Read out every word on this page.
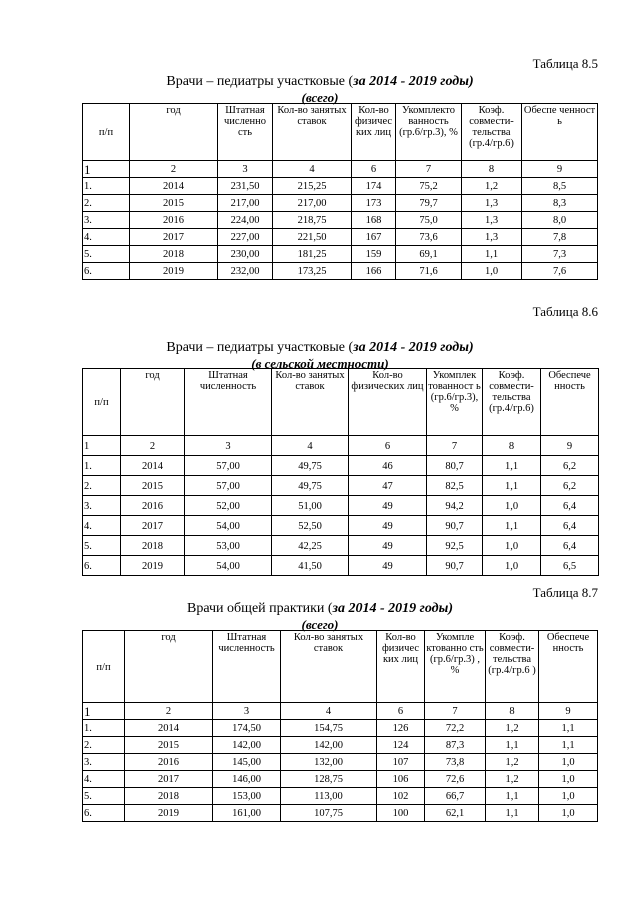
Таблица 8.5
Врачи – педиатры участковые (за 2014 - 2019 годы)
(всего)
п/п	год	Штатная численно сть	Кол-во занятых ставок	Кол-во физичес ких лиц	Укомплекто ванность (гр.6/гр.3), %	Коэф. совмести- тельства (гр.4/гр.6)	Обеспе ченност ь
1	2	3	4	6	7	8	9
1.	2014	231,50	215,25	174	75,2	1,2	8,5
2.	2015	217,00	217,00	173	79,7	1,3	8,3
3.	2016	224,00	218,75	168	75,0	1,3	8,0
4.	2017	227,00	221,50	167	73,6	1,3	7,8
5.	2018	230,00	181,25	159	69,1	1,1	7,3
6.	2019	232,00	173,25	166	71,6	1,0	7,6
Таблица 8.6
Врачи – педиатры участковые (за 2014 - 2019 годы)
(в сельской местности)
п/п	год	Штатная численность	Кол-во занятых ставок	Кол-во физических лиц	Укомплек тованност ь (гр.6/гр.3), %	Коэф. совмести- тельства (гр.4/гр.6)	Обеспече нность
1	2	3	4	6	7	8	9
1.	2014	57,00	49,75	46	80,7	1,1	6,2
2.	2015	57,00	49,75	47	82,5	1,1	6,2
3.	2016	52,00	51,00	49	94,2	1,0	6,4
4.	2017	54,00	52,50	49	90,7	1,1	6,4
5.	2018	53,00	42,25	49	92,5	1,0	6,4
6.	2019	54,00	41,50	49	90,7	1,0	6,5
Таблица 8.7
Врачи общей практики (за 2014 - 2019 годы)
(всего)
п/п	год	Штатная численность	Кол-во занятых ставок	Кол-во физичес ких лиц	Укомпле ктованно сть (гр.6/гр.3) , %	Коэф. совмести- тельства (гр.4/гр.6 )	Обеспече нность
1	2	3	4	6	7	8	9
1.	2014	174,50	154,75	126	72,2	1,2	1,1
2.	2015	142,00	142,00	124	87,3	1,1	1,1
3.	2016	145,00	132,00	107	73,8	1,2	1,0
4.	2017	146,00	128,75	106	72,6	1,2	1,0
5.	2018	153,00	113,00	102	66,7	1,1	1,0
6.	2019	161,00	107,75	100	62,1	1,1	1,0
